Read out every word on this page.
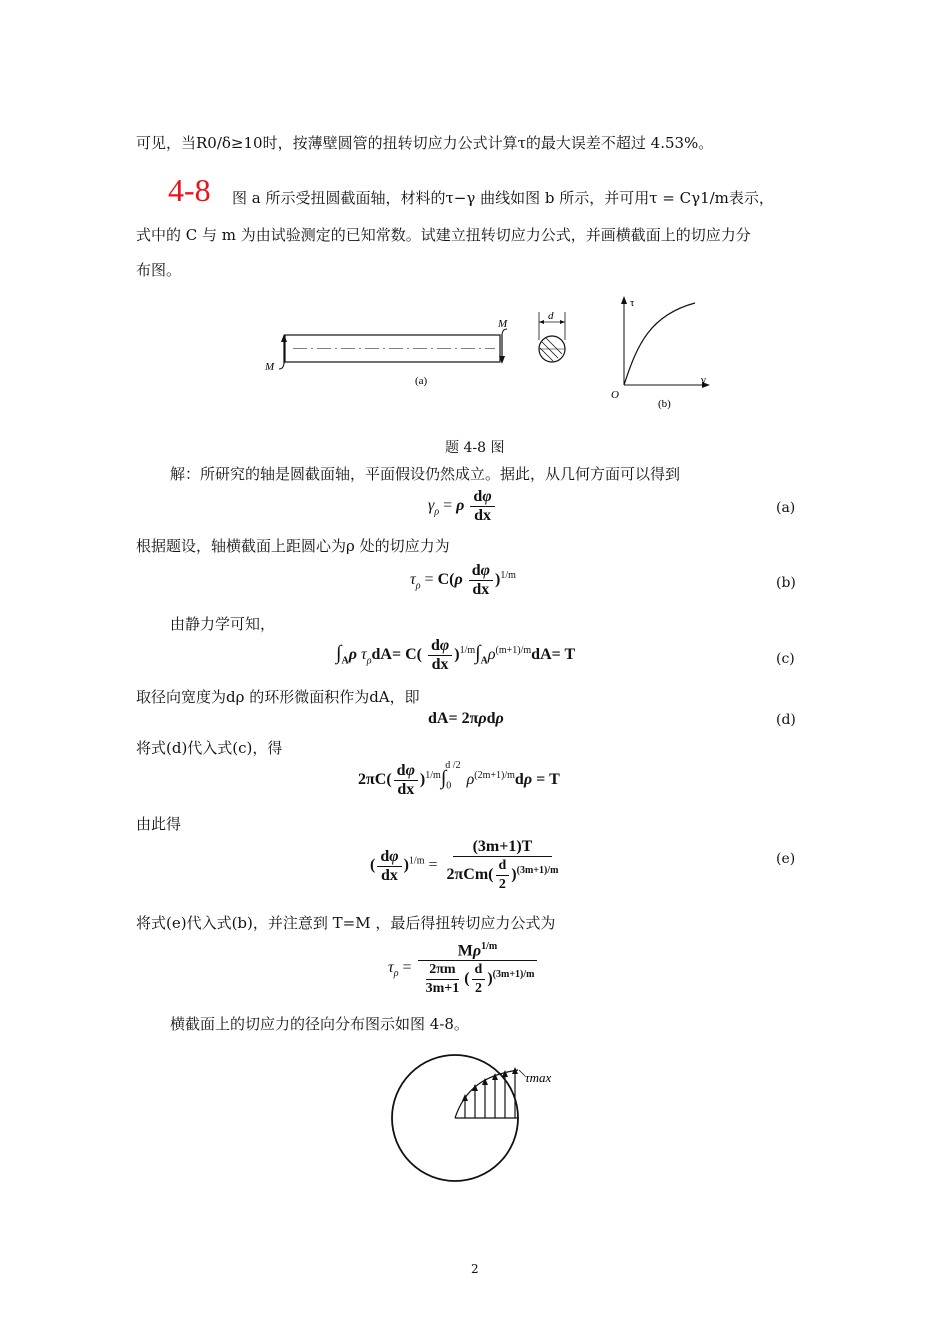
可见，当R0/δ≥10时，按薄壁圆管的扭转切应力公式计算τ的最大误差不超过 4.53%。
4-8 图 a 所示受扭圆截面轴，材料的τ−γ 曲线如图 b 所示，并可用τ = Cγ1/m表示，
式中的 C 与 m 为由试验测定的已知常数。试建立扭转切应力公式，并画横截面上的切应力分
布图。
M
M
(a)
d
τ
γ
O
(b)
题 4-8 图
解：所研究的轴是圆截面轴，平面假设仍然成立。据此，从几何方面可以得到
$\gamma_\rho = \rho \frac{d\varphi}{dx}$	(a)
根据题设，轴横截面上距圆心为ρ 处的切应力为
$\tau_\rho = C(\rho \frac{d\varphi}{dx} )^{1/m}$	(b)
由静力学可知，
$\int_A\rho$ $\tau_\rho dA= C( \frac{d\varphi}{dx} )^{1/m}\int_A\rho^{(m+1)/m}dA= T$	(c)
取径向宽度为dρ 的环形微面积作为dA，即
dA= 2πρdρ	(d)
将式(d)代入式(c)，得
$2\pi C( \frac{d\varphi}{dx} )^{1/m}\int_0^{d /2}\rho^{(2m+1)/m}d\rho = T$
由此得
( $\frac{d\varphi}{dx} )^{1/m} = \frac{(3m+1)T}{2\pi Cm( \frac{d}{2} )^{(3m+1)/m}}$	(e)
将式(e)代入式(b)，并注意到 T=M ，最后得扭转切应力公式为
$\tau_\rho = \frac{M\rho^{1/m}}{\frac{2\pi m}{3m+1} ( \frac{d}{2} )^{(3m+1)/m}}$
横截面上的切应力的径向分布图示如图 4-8。
τmax
2
